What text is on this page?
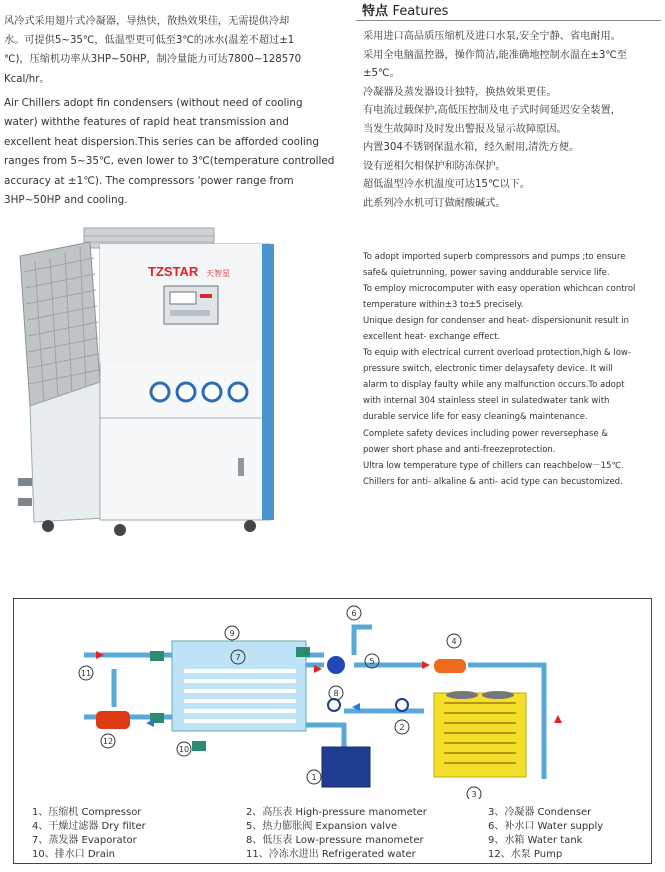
风冷式采用翅片式冷凝器，导热快，散热效果佳，无需提供冷却
水。可提供5~35℃，低温型更可低至3℃的冰水(温差不超过±1
℃)，压缩机功率从3HP~50HP，制冷量能力可达7800~128570
Kcal/hr。
Air Chillers adopt fin condensers (without need of cooling
water) withthe features of rapid heat transmission and
excellent heat dispersion.This series can be afforded cooling
ranges from 5~35℃, even lower to 3℃(temperature controlled
accuracy at ±1℃). The compressors 'power range from
3HP~50HP and cooling.
特点 Features
采用进口高品质压缩机及进口水泵,安全宁静、省电耐用。
采用全电脑温控器，操作简洁,能准确地控制水温在±3℃至
±5℃。
冷凝器及蒸发器设计独特，换热效果更佳。
有电流过载保护,高低压控制及电子式时间延迟安全装置，
当发生故障时及时发出警报及显示故障原因。
内置304不锈钢保温水箱，经久耐用,清洗方便。
设有逆相欠相保护和防冻保护。
超低温型冷水机温度可达15℃以下。
此系列冷水机可订做耐酸碱式。
To adopt imported superb compressors and pumps ;to ensure
safe& quietrunning, power saving anddurable service life.
To employ microcomputer with easy operation whichcan control
temperature within±3 to±5 precisely.
Unique design for condenser and heat- dispersionunit result in
excellent heat- exchange effect.
To equip with electrical current overload protection,high & low-
pressure switch, electronic timer delaysafety device. It will
alarm to display faulty while any malfunction occurs.To adopt
with internal 304 stainless steel in sulatedwater tank with
durable service life for easy cleaning& maintenance.
Complete safety devices including power reversephase &
power short phase and anti-freezeprotection.
Ultra low temperature type of chillers can reachbelow－15℃.
Chillers for anti- alkaline & anti- acid type can becustomized.
TZSTAR 天智星
1
2
3
4
5
6
7
8
9
10
11
12
1、压缩机 Compressor	2、高压表 High-pressure manometer	3、冷凝器 Condenser
4、干燥过滤器 Dry filter	5、热力膨胀阀 Expansion valve	6、补水口 Water supply
7、蒸发器 Evaporator	8、低压表 Low-pressure manometer	9、水箱 Water tank
10、排水口 Drain	11、冷冻水进出 Refrigerated water	12、水泵 Pump
